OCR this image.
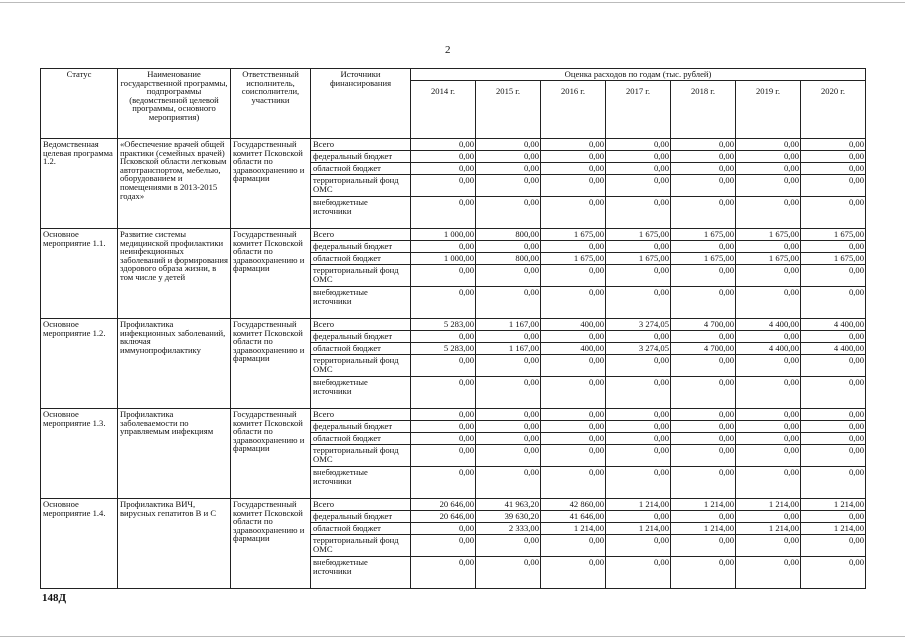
2
Статус	Наименование государственной программы, подпрограммы (ведомственной целевой программы, основного мероприятия)	Ответственный исполнитель, соисполнители, участники	Источники финансирования	Оценка расходов по годам (тыс. рублей)						
				2014 г.	2015 г.	2016 г.	2017 г.	2018 г.	2019 г.	2020 г.
Ведомственная целевая программа 1.2.	«Обеспечение врачей общей практики (семейных врачей) Псковской области легковым автотранспортом, мебелью, оборудованием и помещениями в 2013-2015 годах»	Государственный комитет Псковской области по здравоохранению и фармации	Всего	0,00	0,00	0,00	0,00	0,00	0,00	0,00
			федеральный бюджет	0,00	0,00	0,00	0,00	0,00	0,00	0,00
			областной бюджет	0,00	0,00	0,00	0,00	0,00	0,00	0,00
			территориальный фонд ОМС	0,00	0,00	0,00	0,00	0,00	0,00	0,00
			внебюджетные источники	0,00	0,00	0,00	0,00	0,00	0,00	0,00
Основное мероприятие 1.1.	Развитие системы медицинской профилактики неинфекционных заболеваний и формирования здорового образа жизни, в том числе у детей	Государственный комитет Псковской области по здравоохранению и фармации	Всего	1 000,00	800,00	1 675,00	1 675,00	1 675,00	1 675,00	1 675,00
			федеральный бюджет	0,00	0,00	0,00	0,00	0,00	0,00	0,00
			областной бюджет	1 000,00	800,00	1 675,00	1 675,00	1 675,00	1 675,00	1 675,00
			территориальный фонд ОМС	0,00	0,00	0,00	0,00	0,00	0,00	0,00
			внебюджетные источники	0,00	0,00	0,00	0,00	0,00	0,00	0,00
Основное мероприятие 1.2.	Профилактика инфекционных заболеваний, включая иммунопрофилактику	Государственный комитет Псковской области по здравоохранению и фармации	Всего	5 283,00	1 167,00	400,00	3 274,05	4 700,00	4 400,00	4 400,00
			федеральный бюджет	0,00	0,00	0,00	0,00	0,00	0,00	0,00
			областной бюджет	5 283,00	1 167,00	400,00	3 274,05	4 700,00	4 400,00	4 400,00
			территориальный фонд ОМС	0,00	0,00	0,00	0,00	0,00	0,00	0,00
			внебюджетные источники	0,00	0,00	0,00	0,00	0,00	0,00	0,00
Основное мероприятие 1.3.	Профилактика заболеваемости по управляемым инфекциям	Государственный комитет Псковской области по здравоохранению и фармации	Всего	0,00	0,00	0,00	0,00	0,00	0,00	0,00
			федеральный бюджет	0,00	0,00	0,00	0,00	0,00	0,00	0,00
			областной бюджет	0,00	0,00	0,00	0,00	0,00	0,00	0,00
			территориальный фонд ОМС	0,00	0,00	0,00	0,00	0,00	0,00	0,00
			внебюджетные источники	0,00	0,00	0,00	0,00	0,00	0,00	0,00
Основное мероприятие 1.4.	Профилактика ВИЧ, вирусных гепатитов В и С	Государственный комитет Псковской области по здравоохранению и фармации	Всего	20 646,00	41 963,20	42 860,00	1 214,00	1 214,00	1 214,00	1 214,00
			федеральный бюджет	20 646,00	39 630,20	41 646,00	0,00	0,00	0,00	0,00
			областной бюджет	0,00	2 333,00	1 214,00	1 214,00	1 214,00	1 214,00	1 214,00
			территориальный фонд ОМС	0,00	0,00	0,00	0,00	0,00	0,00	0,00
			внебюджетные источники	0,00	0,00	0,00	0,00	0,00	0,00	0,00
148Д
